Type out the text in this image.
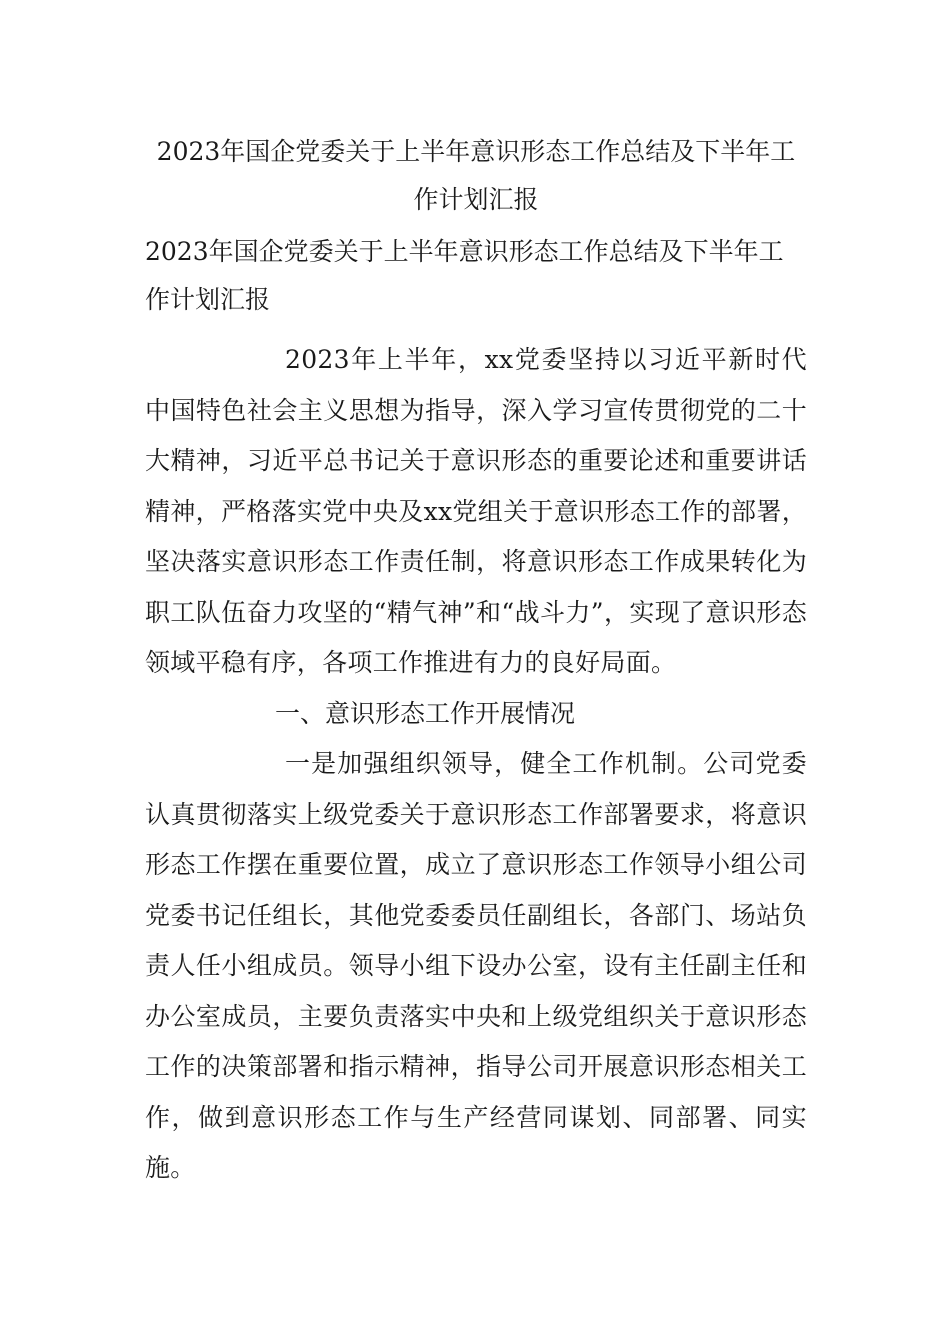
2023年国企党委关于上半年意识形态工作总结及下半年工作计划汇报

2023年国企党委关于上半年意识形态工作总结及下半年工作计划汇报

2023年上半年，xx党委坚持以习近平新时代中国特色社会主义思想为指导，深入学习宣传贯彻党的二十大精神，习近平总书记关于意识形态的重要论述和重要讲话精神，严格落实党中央及xx党组关于意识形态工作的部署，坚决落实意识形态工作责任制，将意识形态工作成果转化为职工队伍奋力攻坚的“精气神”和“战斗力”，实现了意识形态领域平稳有序，各项工作推进有力的良好局面。

一、意识形态工作开展情况

一是加强组织领导，健全工作机制。公司党委认真贯彻落实上级党委关于意识形态工作部署要求，将意识形态工作摆在重要位置，成立了意识形态工作领导小组公司党委书记任组长，其他党委委员任副组长，各部门、场站负责人任小组成员。领导小组下设办公室，设有主任副主任和办公室成员，主要负责落实中央和上级党组织关于意识形态工作的决策部署和指示精神，指导公司开展意识形态相关工作，做到意识形态工作与生产经营同谋划、同部署、同实施。
